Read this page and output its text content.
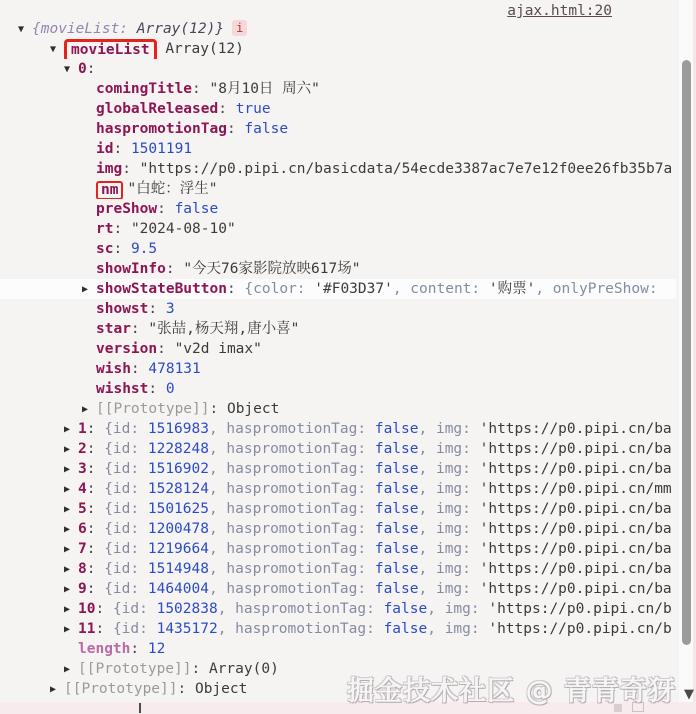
ajax.html:20
▼ {movieList: Array(12)} i
▼ movieList Array(12)
▼ 0:
comingTitle: "8月10日 周六"
globalReleased: true
haspromotionTag: false
id: 1501191
img: "https://p0.pipi.cn/basicdata/54ecde3387ac7e7e12f0ee26fb35b7a
nm "白蛇：浮生"
preShow: false
rt: "2024-08-10"
sc: 9.5
showInfo: "今天76家影院放映617场"
▶ showStateButton: {color: '#F03D37', content: '购票', onlyPreShow:
showst: 3
star: "张喆,杨天翔,唐小喜"
version: "v2d imax"
wish: 478131
wishst: 0
▶ [[Prototype]]: Object
▶ 1: {id: 1516983, haspromotionTag: false, img: 'https://p0.pipi.cn/ba
▶ 2: {id: 1228248, haspromotionTag: false, img: 'https://p0.pipi.cn/ba
▶ 3: {id: 1516902, haspromotionTag: false, img: 'https://p0.pipi.cn/ba
▶ 4: {id: 1528124, haspromotionTag: false, img: 'https://p0.pipi.cn/mm
▶ 5: {id: 1501625, haspromotionTag: false, img: 'https://p0.pipi.cn/ba
▶ 6: {id: 1200478, haspromotionTag: false, img: 'https://p0.pipi.cn/ba
▶ 7: {id: 1219664, haspromotionTag: false, img: 'https://p0.pipi.cn/ba
▶ 8: {id: 1514948, haspromotionTag: false, img: 'https://p0.pipi.cn/ba
▶ 9: {id: 1464004, haspromotionTag: false, img: 'https://p0.pipi.cn/ba
▶ 10: {id: 1502838, haspromotionTag: false, img: 'https://p0.pipi.cn/b
▶ 11: {id: 1435172, haspromotionTag: false, img: 'https://p0.pipi.cn/b
length: 12
▶ [[Prototype]]: Array(0)
▶ [[Prototype]]: Object	掘金技术社区 @ 青青奇犽 ▼
